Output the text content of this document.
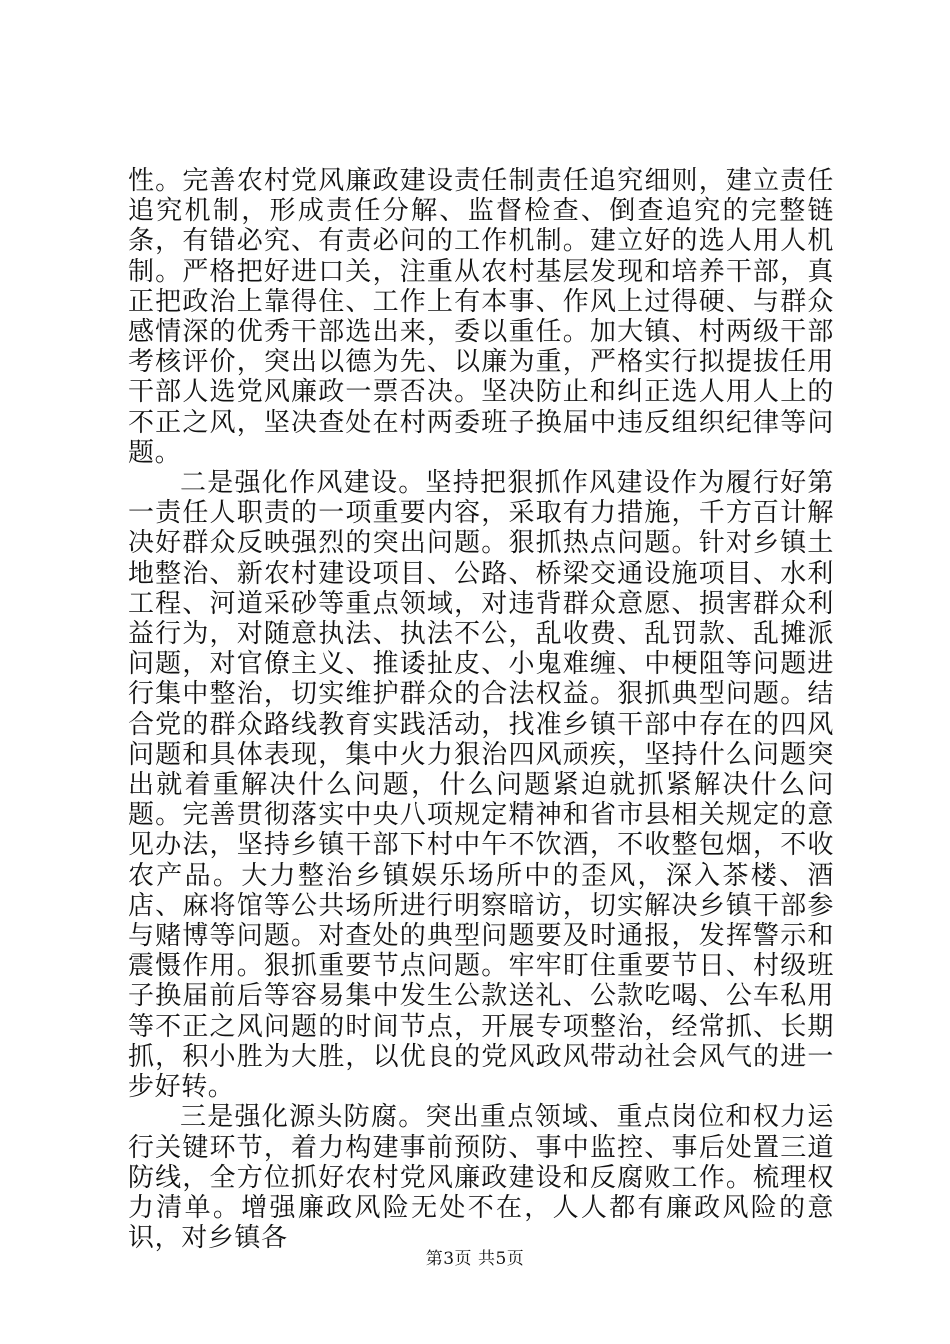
性。完善农村党风廉政建设责任制责任追究细则，建立责任追究机制，形成责任分解、监督检查、倒查追究的完整链条，有错必究、有责必问的工作机制。建立好的选人用人机制。严格把好进口关，注重从农村基层发现和培养干部，真正把政治上靠得住、工作上有本事、作风上过得硬、与群众感情深的优秀干部选出来，委以重任。加大镇、村两级干部考核评价，突出以德为先、以廉为重，严格实行拟提拔任用干部人选党风廉政一票否决。坚决防止和纠正选人用人上的不正之风，坚决查处在村两委班子换届中违反组织纪律等问题。

二是强化作风建设。坚持把狠抓作风建设作为履行好第一责任人职责的一项重要内容，采取有力措施，千方百计解决好群众反映强烈的突出问题。狠抓热点问题。针对乡镇土地整治、新农村建设项目、公路、桥梁交通设施项目、水利工程、河道采砂等重点领域，对违背群众意愿、损害群众利益行为，对随意执法、执法不公，乱收费、乱罚款、乱摊派问题，对官僚主义、推诿扯皮、小鬼难缠、中梗阻等问题进行集中整治，切实维护群众的合法权益。狠抓典型问题。结合党的群众路线教育实践活动，找准乡镇干部中存在的四风问题和具体表现，集中火力狠治四风顽疾，坚持什么问题突出就着重解决什么问题，什么问题紧迫就抓紧解决什么问题。完善贯彻落实中央八项规定精神和省市县相关规定的意见办法，坚持乡镇干部下村中午不饮酒，不收整包烟，不收农产品。大力整治乡镇娱乐场所中的歪风，深入茶楼、酒店、麻将馆等公共场所进行明察暗访，切实解决乡镇干部参与赌博等问题。对查处的典型问题要及时通报，发挥警示和震慑作用。狠抓重要节点问题。牢牢盯住重要节日、村级班子换届前后等容易集中发生公款送礼、公款吃喝、公车私用等不正之风问题的时间节点，开展专项整治，经常抓、长期抓，积小胜为大胜，以优良的党风政风带动社会风气的进一步好转。

三是强化源头防腐。突出重点领域、重点岗位和权力运行关键环节，着力构建事前预防、事中监控、事后处置三道防线，全方位抓好农村党风廉政建设和反腐败工作。梳理权力清单。增强廉政风险无处不在，人人都有廉政风险的意识，对乡镇各

第3页 共5页
